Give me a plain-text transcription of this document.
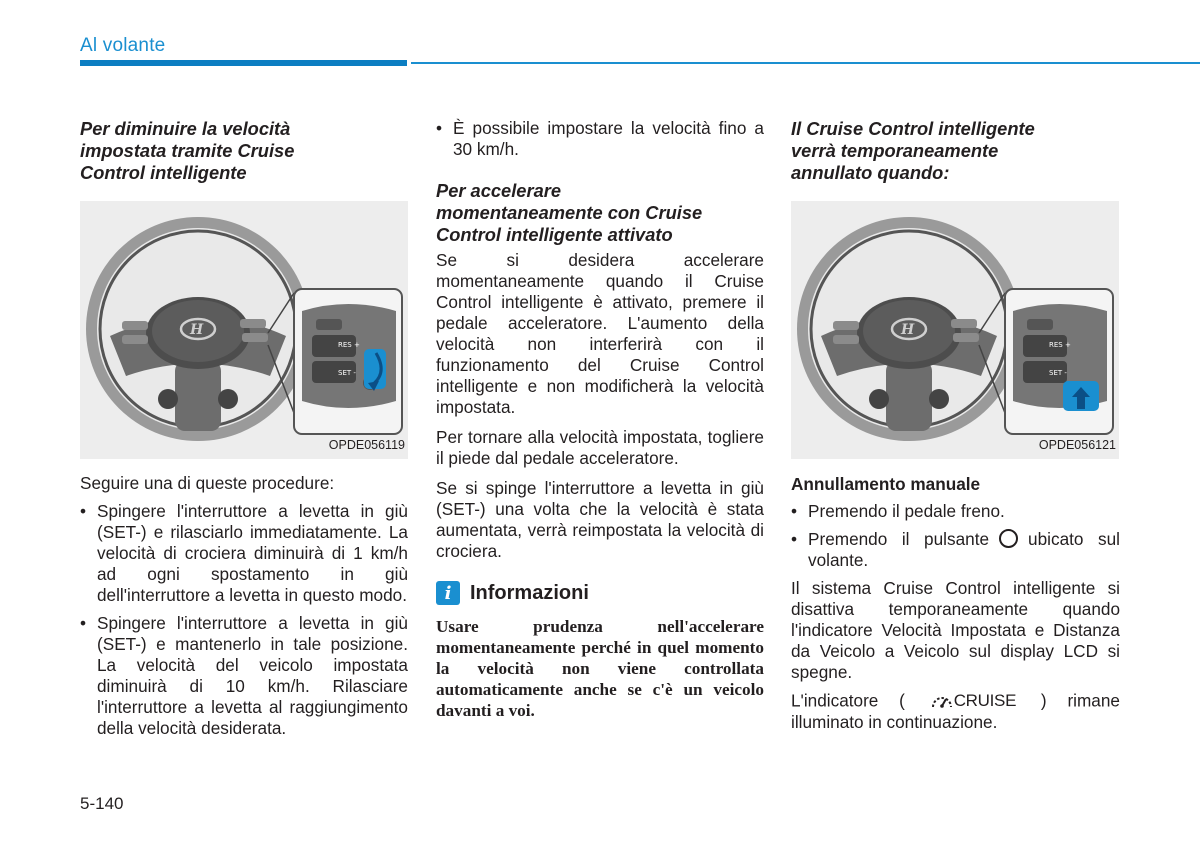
Al volante
Per diminuire la velocità
impostata tramite Cruise
Control intelligente
H
RES +
SET -
OPDE056119

Seguire una di queste procedure:

• Spingere l'interruttore a levetta in giù (SET-) e rilasciarlo immediatamente. La velocità di crociera diminuirà di 1 km/h ad ogni spostamento in giù dell'interruttore a levetta in questo modo.
• Spingere l'interruttore a levetta in giù (SET-) e mantenerlo in tale posizione. La velocità del veicolo impostata diminuirà di 10 km/h. Rilasciare l'interruttore a levetta al raggiungimento della velocità desiderata.
• È possibile impostare la velocità fino a 30 km/h.
Per accelerare
momentaneamente con Cruise
Control intelligente attivato

Se si desidera accelerare momentaneamente quando il Cruise Control intelligente è attivato, premere il pedale acceleratore. L'aumento della velocità non interferirà con il funzionamento del Cruise Control intelligente e non modificherà la velocità impostata.

Per tornare alla velocità impostata, togliere il piede dal pedale acceleratore.

Se si spinge l'interruttore a levetta in giù (SET-) una volta che la velocità è stata aumentata, verrà reimpostata la velocità di crociera.

i Informazioni

Usare prudenza nell'accelerare momentaneamente perché in quel momento la velocità non viene controllata automaticamente anche se c'è un veicolo davanti a voi.

Il Cruise Control intelligente
verrà temporaneamente
annullato quando:
H
RES +
SET -
OPDE056121

Annullamento manuale

• Premendo il pedale freno.
• Premendo il pulsante ubicato sul volante.

Il sistema Cruise Control intelligente si disattiva temporaneamente quando l'indicatore Velocità Impostata e Distanza da Veicolo a Veicolo sul display LCD si spegne.

L'indicatore (	CRUISE ) rimane illuminato in continuazione.

5-140
